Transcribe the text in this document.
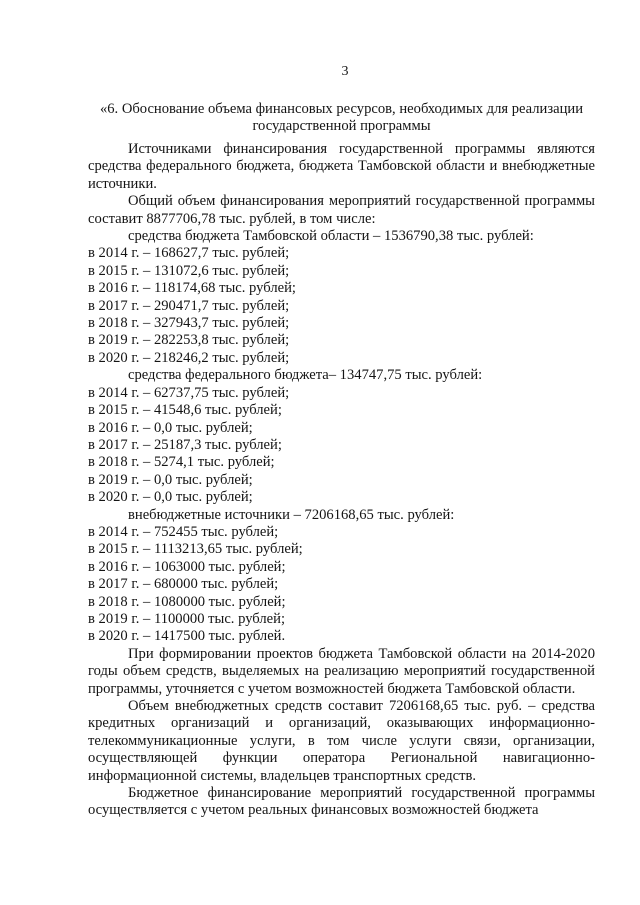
3
«6. Обоснование объема финансовых ресурсов, необходимых для реализации государственной программы

Источниками финансирования государственной программы являются средства федерального бюджета, бюджета Тамбовской области и внебюджетные источники.

Общий объем финансирования мероприятий государственной программы составит 8877706,78 тыс. рублей, в том числе:

средства бюджета Тамбовской области – 1536790,38 тыс. рублей:

в 2014 г. – 168627,7 тыс. рублей;

в 2015 г. – 131072,6 тыс. рублей;

в 2016 г. – 118174,68 тыс. рублей;

в 2017 г. – 290471,7 тыс. рублей;

в 2018 г. – 327943,7 тыс. рублей;

в 2019 г. – 282253,8 тыс. рублей;

в 2020 г. – 218246,2 тыс. рублей;

средства федерального бюджета– 134747,75 тыс. рублей:

в 2014 г. – 62737,75 тыс. рублей;

в 2015 г. – 41548,6 тыс. рублей;

в 2016 г. – 0,0 тыс. рублей;

в 2017 г. – 25187,3 тыс. рублей;

в 2018 г. – 5274,1 тыс. рублей;

в 2019 г. – 0,0 тыс. рублей;

в 2020 г. – 0,0 тыс. рублей;

внебюджетные источники – 7206168,65 тыс. рублей:

в 2014 г. – 752455 тыс. рублей;

в 2015 г. – 1113213,65 тыс. рублей;

в 2016 г. – 1063000 тыс. рублей;

в 2017 г. – 680000 тыс. рублей;

в 2018 г. – 1080000 тыс. рублей;

в 2019 г. – 1100000 тыс. рублей;

в 2020 г. – 1417500 тыс. рублей.

При формировании проектов бюджета Тамбовской области на 2014-2020 годы объем средств, выделяемых на реализацию мероприятий государственной программы, уточняется с учетом возможностей бюджета Тамбовской области.

Объем внебюджетных средств составит 7206168,65 тыс. руб. – средства кредитных организаций и организаций, оказывающих информационно-телекоммуникационные услуги, в том числе услуги связи, организации, осуществляющей функции оператора Региональной навигационно-информационной системы, владельцев транспортных средств.

Бюджетное финансирование мероприятий государственной программы осуществляется с учетом реальных финансовых возможностей бюджета
